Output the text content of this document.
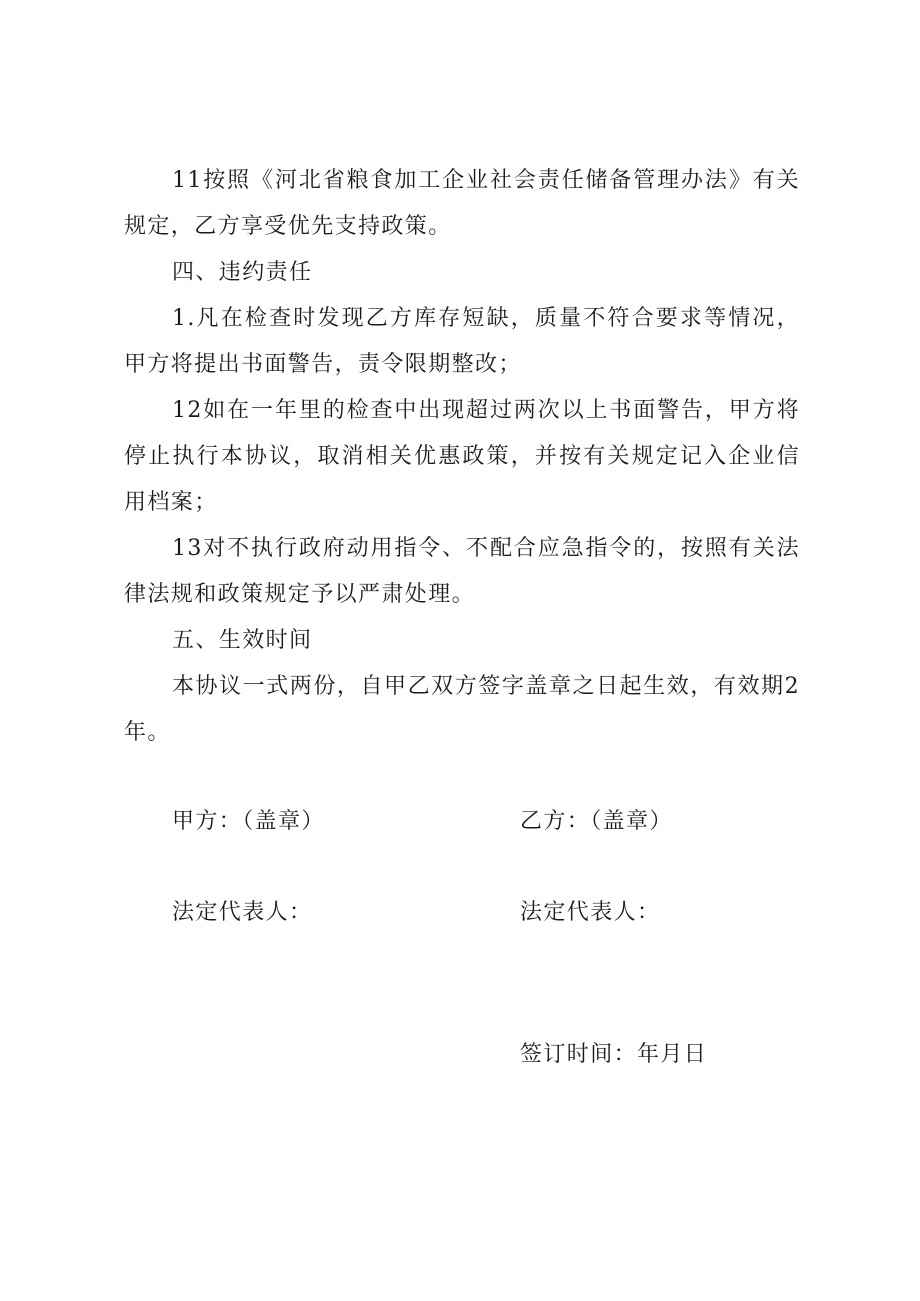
11按照《河北省粮食加工企业社会责任储备管理办法》有关规定，乙方享受优先支持政策。

四、违约责任

1.凡在检查时发现乙方库存短缺，质量不符合要求等情况，甲方将提出书面警告，责令限期整改；

12如在一年里的检查中出现超过两次以上书面警告，甲方将停止执行本协议，取消相关优惠政策，并按有关规定记入企业信用档案；

13对不执行政府动用指令、不配合应急指令的，按照有关法律法规和政策规定予以严肃处理。

五、生效时间

本协议一式两份，自甲乙双方签字盖章之日起生效，有效期2年。

甲方：（盖章）	乙方：（盖章）
法定代表人：	法定代表人：
签订时间：年月日
